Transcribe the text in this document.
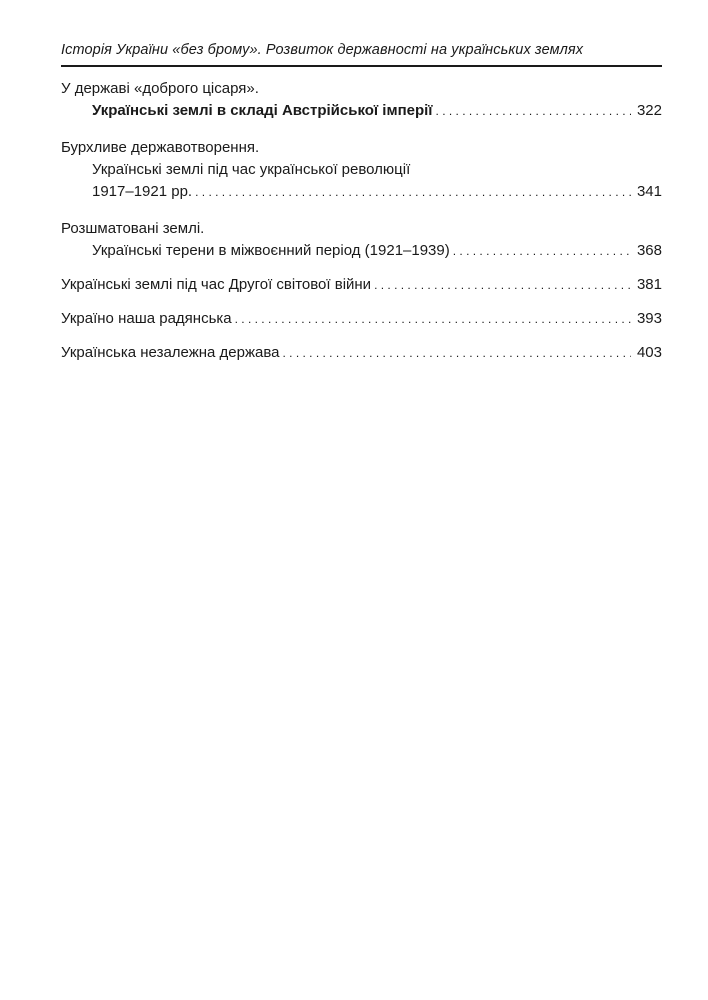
Історія України «без брому». Розвиток державності на українських землях
У державі «доброго цісаря».
Українські землі в складі Австрійської імперії . . .	322
Бурхливе державотворення.
Українські землі під час української революції
1917–1921 рр. . . .	341
Розшматовані землі.
Українські терени в міжвоєнний період (1921–1939) . . .	368
Українські землі під час Другої світової війни . . .	381
Україно наша радянська . . .	393
Українська незалежна держава . . .	403
